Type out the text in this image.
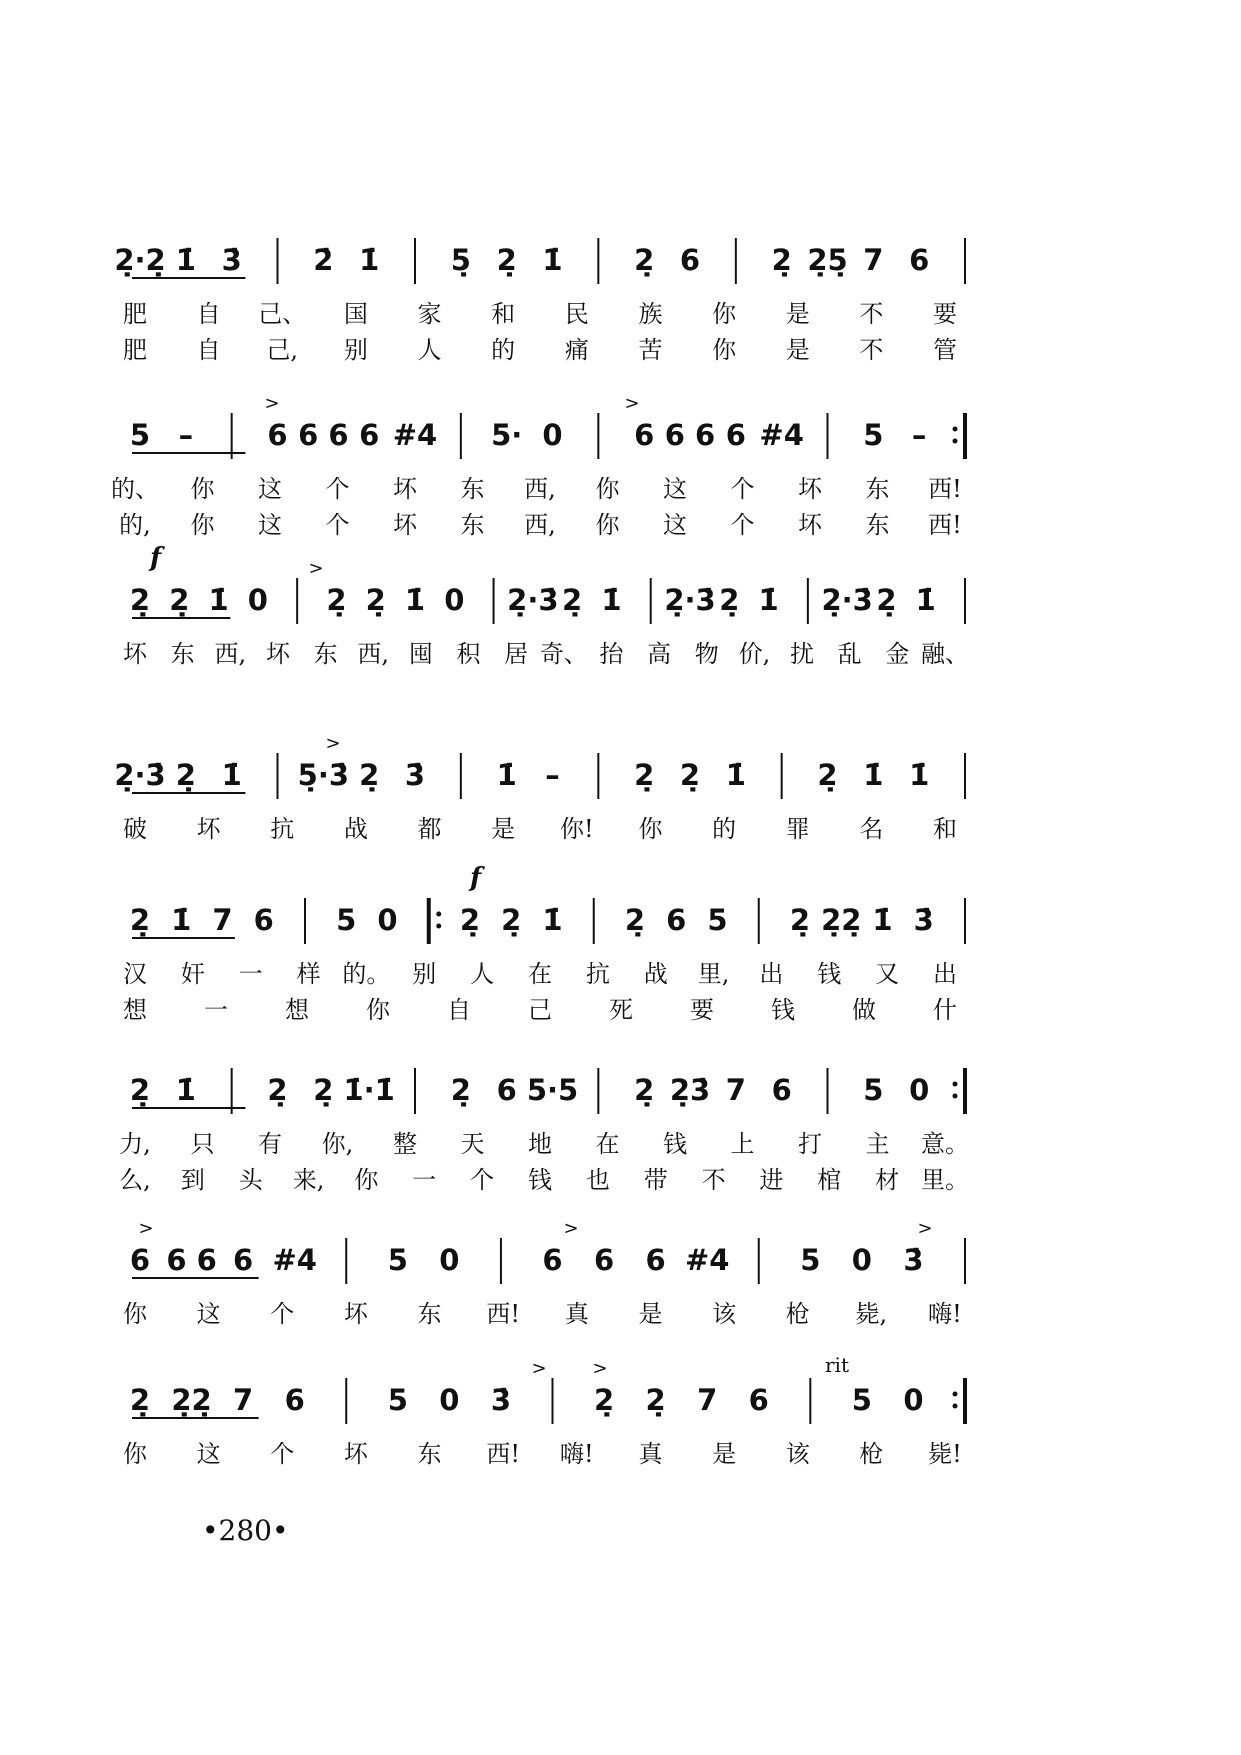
2̣·2̣ 1̇ 3̇ 2̇ 1̇ 5̣ 2̣ 1̇ 2̣ 6 2̣ 2̣5̣ 7 6
肥 自 己、 国 家 和 民 族 你 是 不 要
肥 自 己, 别 人 的 痛 苦 你 是 不 管
5 –	6 6 6 6 #4 5· 0 6 6 6 6 #4 5 –
的、 你 这 个 坏 东 西, 你 这 个 坏 东 西!
的, 你 这 个 坏 东 西, 你 这 个 坏 东 西!
>	>
2̣ 2̣ 1̇ 0 2̣ 2̣ 1̇ 0 2̣·3̇ 2̣ 1̇ 2̣·3̇ 2̣ 1̇ 2̣·3̇ 2̣ 1̇
坏 东 西, 坏 东 西, 囤 积 居 奇、 抬 高 物 价, 扰 乱 金 融、
f	>
2̣·3̇ 2̣ 1̇ 5̣·3̇ 2̣ 3̇ 1̇ –	2̣ 2̣ 1̇ 2̣ 1̇ 1̇
破 坏 抗 战 都 是 你! 你 的 罪 名 和
>
2̣ 1̇ 7 6 5 0 2̣ 2̣ 1̇ 2̣ 6 5 2̣ 2̣2̣ 1̇ 3̇
汉 奸 一 样 的。 别 人 在 抗 战 里, 出 钱 又 出
想 一 想 你 自 己 死 要 钱 做 什
f
2̣ 1̇ 2̣ 2̣ 1̇·1̇ 2̣ 6 5·5 2̣ 2̣3̇ 7 6 5 0
力, 只 有 你, 整 天 地 在 钱 上 打 主 意。
么, 到 头 来, 你 一 个 钱 也 带 不 进 棺 材 里。
6 6 6 6 #4 5 0	6 6 6 #4 5 0 3̇
你 这 个 坏 东 西! 真 是 该 枪 毙, 嗨!
>	>	>
2̣ 2̣2̣ 7 6	5 0 3̇	2̣ 2̣ 7 6	5 0
你 这 个 坏 东 西! 嗨! 真 是 该 枪 毙!
rit
>	>
•280•
